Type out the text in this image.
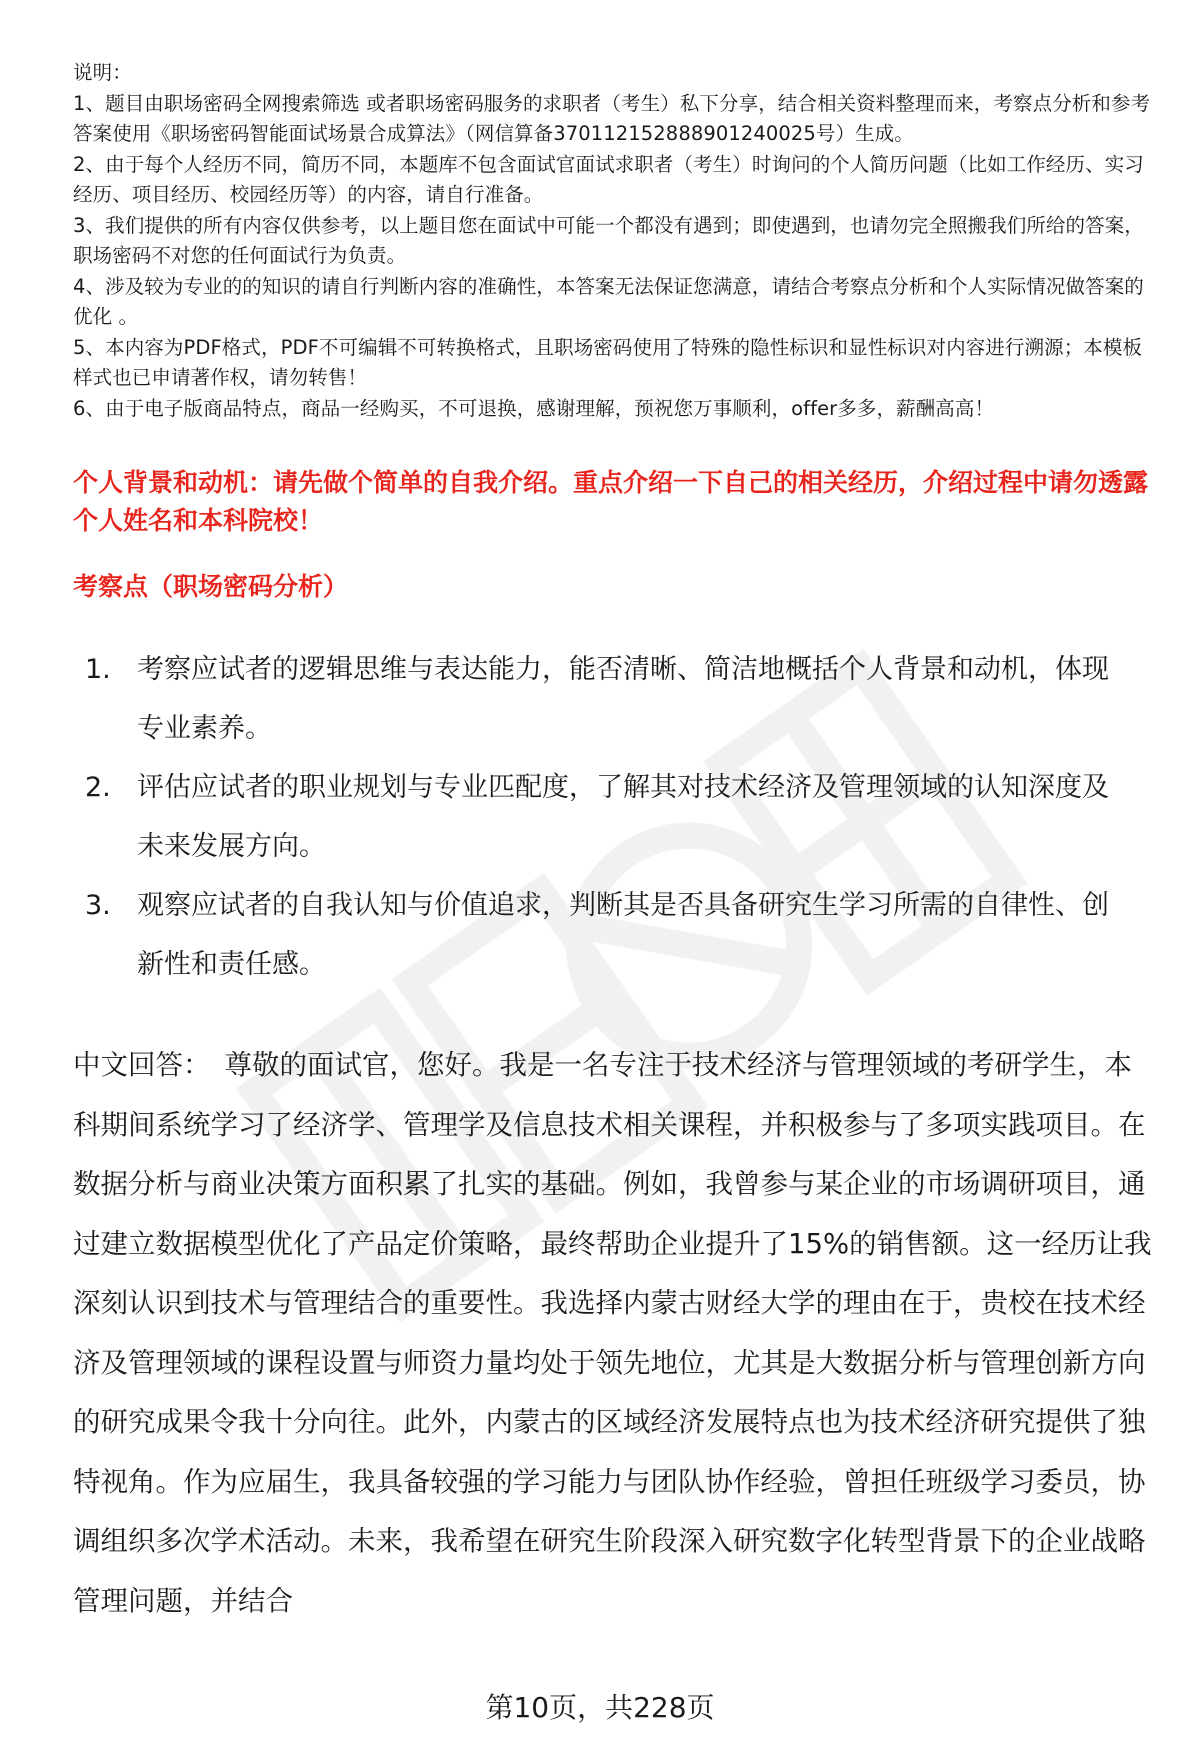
说明：

1、题目由职场密码全网搜索筛选 或者职场密码服务的求职者（考生）私下分享，结合相关资料整理而来，考察点分析和参考答案使用《职场密码智能面试场景合成算法》（网信算备370112152888901240025号）生成。

2、由于每个人经历不同，简历不同，本题库不包含面试官面试求职者（考生）时询问的个人简历问题（比如工作经历、实习经历、项目经历、校园经历等）的内容，请自行准备。

3、我们提供的所有内容仅供参考，以上题目您在面试中可能一个都没有遇到；即使遇到，也请勿完全照搬我们所给的答案，职场密码不对您的任何面试行为负责。

4、涉及较为专业的的知识的请自行判断内容的准确性，本答案无法保证您满意，请结合考察点分析和个人实际情况做答案的优化 。

5、本内容为PDF格式，PDF不可编辑不可转换格式，且职场密码使用了特殊的隐性标识和显性标识对内容进行溯源；本模板样式也已申请著作权，请勿转售！

6、由于电子版商品特点，商品一经购买，不可退换，感谢理解，预祝您万事顺利，offer多多，薪酬高高！

个人背景和动机：请先做个简单的自我介绍。重点介绍一下自己的相关经历，介绍过程中请勿透露个人姓名和本科院校！
考察点（职场密码分析）
1. 考察应试者的逻辑思维与表达能力，能否清晰、简洁地概括个人背景和动机，体现专业素养。
2. 评估应试者的职业规划与专业匹配度，了解其对技术经济及管理领域的认知深度及未来发展方向。
3. 观察应试者的自我认知与价值追求，判断其是否具备研究生学习所需的自律性、创新性和责任感。

中文回答： 尊敬的面试官，您好。我是一名专注于技术经济与管理领域的考研学生，本科期间系统学习了经济学、管理学及信息技术相关课程，并积极参与了多项实践项目。在数据分析与商业决策方面积累了扎实的基础。例如，我曾参与某企业的市场调研项目，通过建立数据模型优化了产品定价策略，最终帮助企业提升了15%的销售额。这一经历让我深刻认识到技术与管理结合的重要性。我选择内蒙古财经大学的理由在于，贵校在技术经济及管理领域的课程设置与师资力量均处于领先地位，尤其是大数据分析与管理创新方向的研究成果令我十分向往。此外，内蒙古的区域经济发展特点也为技术经济研究提供了独特视角。作为应届生，我具备较强的学习能力与团队协作经验，曾担任班级学习委员，协调组织多次学术活动。未来，我希望在研究生阶段深入研究数字化转型背景下的企业战略管理问题，并结合

第10页，共228页
